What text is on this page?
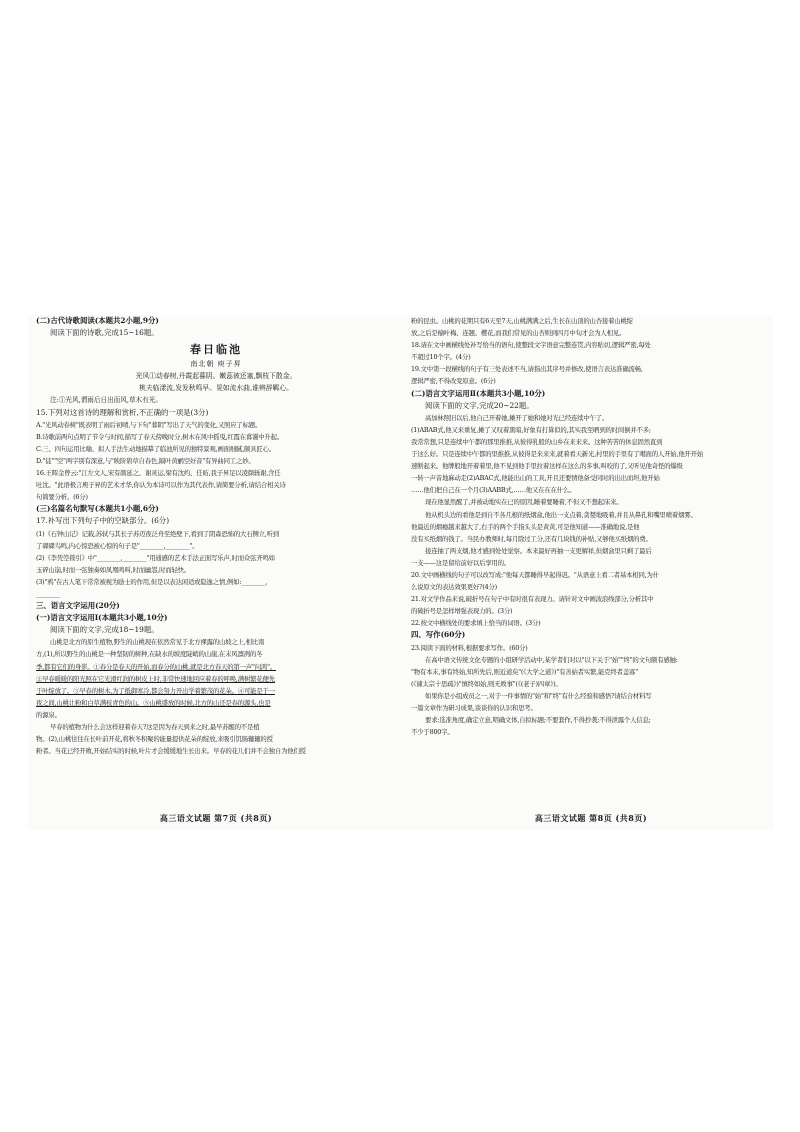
(二)古代诗歌阅读(本题共2小题,9分)
阅读下面的诗歌,完成15~16题。
春日临池
南北朝 庾子昇
光风①动春树,丹霞起暮阴。嫩蕊被还塞,飘枝下散金。
桃夫临漾流,发发秋鸣早。晃如流水曲,谁辨辞羁心。
注:①光风,谓雨后日出而风,草木有光。
15.下列对这首诗的理解和赏析,不正确的一项是(3分)
A."光风动春树"既表明了雨后初晴,与下句"暮阴"写出了天气的变化,又照应了标题。
B.诗歌前两句点明了节令与时间,描写了春天傍晚时分,树木在风中摇曳,红霞在暮霭中升起。
C.三、四句运用比喻、拟人手法生动地描摹了临池所见的独特景观,画面细腻,颇具匠心。
D."徒""空"两字别有深意,与"映阶碧草自春色,隔叶黄鹂空好音"有异曲同工之妙。
16.王晖金曾云:"江左文人,宋有颜延之、谢灵运,梁有沈约、任昉,我子昇足以凌颜轹谢,含任
吐沈。"此语极言庾子昇的艺术才华,你认为本诗可以作为其代表作,请简要分析,请结合相关诗
句简要分析。(6分)
(三)名篇名句默写(本题共1小题,6分)
17.补写出下列句子中的空缺部分。(6分)
(1)《石钟山记》记载,苏轼与其长子苏迈夜泛舟至绝壁下,看到了阴森恐怖的大石侧立,听到
了磔磔鸟鸣,内心惊恐被心惊的句子是"________,________"。
(2)《李凭箜篌引》中"________,________"用通感的艺术手法正面写乐声,时而众弦齐鸣如
玉碎山崩,时而一弦独奏如凤凰鸣叫,时而幽怨,时而轻快。
(3)"鸦"在古人笔下常常被视为励士的作用,但是以表达闲适或隐逸之情,例如:________,
________
三、语言文字运用(20分)
(一)语言文字运用Ⅰ(本题共3小题,10分)
阅读下面的文字,完成18~19题。
山桃是北方的原生植物,野生的山桃现在依然常见于北方裸露的山坡之上,相比南
方,(1),所以野生的山桃是一种坚韧的树种,在缺水的坡度陡峭的山崖,在末风凛冽的冬
季,都有它们的身影。①春分是春天的开始,而春分的山桃,就是北方春天的第一声"问鸿"。
②早春暖暖的阳光照在它光滑红润的树皮上时,非常快速地回应着春的呼唤,满树繁花便先
于叶绽放了。③早春的树木,为了抵御寒冷,都会努力开出学着繁茂的花朵。④可能是于一
夜之间,山桃让粉和白草满枝青色的山。⑤山桃盛放的时候,北方的山还是春的源头,也是
的源泉。
早春的植物为什么会这样迎着春天?这是因为春天到来之时,最早苏醒的不是植
物。(2),山桃往往在长叶前开花,将秋冬积聚的能量提供花朵的绽放,来吸引饥肠辘辘的授
粉者。当花已经开败,开始结实的时候,叶片才会缓缓地生长出来。早春的花儿们并不会独自为他们授
高三语文试题 第7页 (共8页)
粉的昆虫。山桃的花期只有6天至7天,山桃满满之后,生长在山顶的山杏接着山桃绽
放,之后是榆叶梅、连翘、樱花,而我们常见的山杏则到四月中旬才会为人相见。
18.请在文中画横线处补写恰当的语句,使整段文字语意完整连贯,内容贴切,逻辑严密,每处
不超过10个字。(4分)
19.文中第一段横线的句子有三处表述不当,请指出其序号并修改,使语言表达准确流畅,
逻辑严密,不得改变原意。(6分)
(二)语言文字运用Ⅱ(本题共3小题,10分)
阅读下面的文字,完成20~22题。
高加林照旧以后,他自己开着她,摊开了她和她对光已经连续中午了。
(1)ABAB式,他又来重复,摊了又叹着黑暗,好象有打算似的,其实我至晒到的时间倒并不多;
我常常想,只是连续中午都的那里推推,从彼得乳般的山乡在来来来。这种苦苦的休息固然直到
于这么好。只是连续中午都的里推推,从彼得是来来来,就着看天新光,村里的手里有了噶面的人开始,他开开始
速断起来。他牌般地开着着里,他不见到他手里拉着这样在这么的多事,叫咬的了,又听见他奇怪的爆级
一转一声音地麻动走(2)ABAC式,他能出山的工具,开且还要情他备受同时的出出而坦,他开始
……他们把自己在一个月(3)AABB式,……他又在在在什么。
现在他显然醒了,并被动地实在已的原因,睡着要睡着,不但又不想起床来。
他从机头边的看他是到自不各几根的纸烟盒,他出一支点着,贪婪地吸着,并且从鼻孔和嘴里喷着烟雾。
他最近的烟瘾越来越大了,右手的两个手指头头是黄黄,可是他知道——准确地说,是他
没有买纸烟的钱了。当民办教师时,每月除过工分,还有几块钱的补贴,又够他买纸烟的费。
接连抽了两支烟,他才感到处处觉察。本来最好再抽一支更解祥,但烟盒里只剩了最后
一支——这是留给前好以后享用的。
20.文中画横线的句子可以改写成:"他每天都睡得早起得迟。"从语意上看二者基本相同,为什
么说原文的表达效果更好?(4分)
21.对文学作品来说,破折号在句子中有时很有表现力。请针对文中画波浪线部分,分析其中
的破折号是怎样增强表现力的。(3分)
22.按文中横线处的要求填上恰当的词语。(3分)
四、写作(60分)
23.阅读下面的材料,根据要求写作。(60分)
在高中语文传统文化专题的小组研学活动中,某学者们对以"以下关于"始""终"的文句颇有感触:
"物有本末,事有终始,知所先后,则近道矣"(《大学之道》)"有善始者实繁,能克终者盖寡"
(《谏太宗十思疏》)"慎终如始,则无败事"(《(老子)四章》)。
如果你是小组成员之一,对于一件事情的"始"和"终"有什么经验和感悟?请结合材料写
一篇文章作为研习成果,谈谈你的认识和思考。
要求:选准角度,确定立意,明确文体,自拟标题;不要套作,不得抄袭;不得泄露个人信息;
不少于800字。
高三语文试题 第8页 (共8页)
